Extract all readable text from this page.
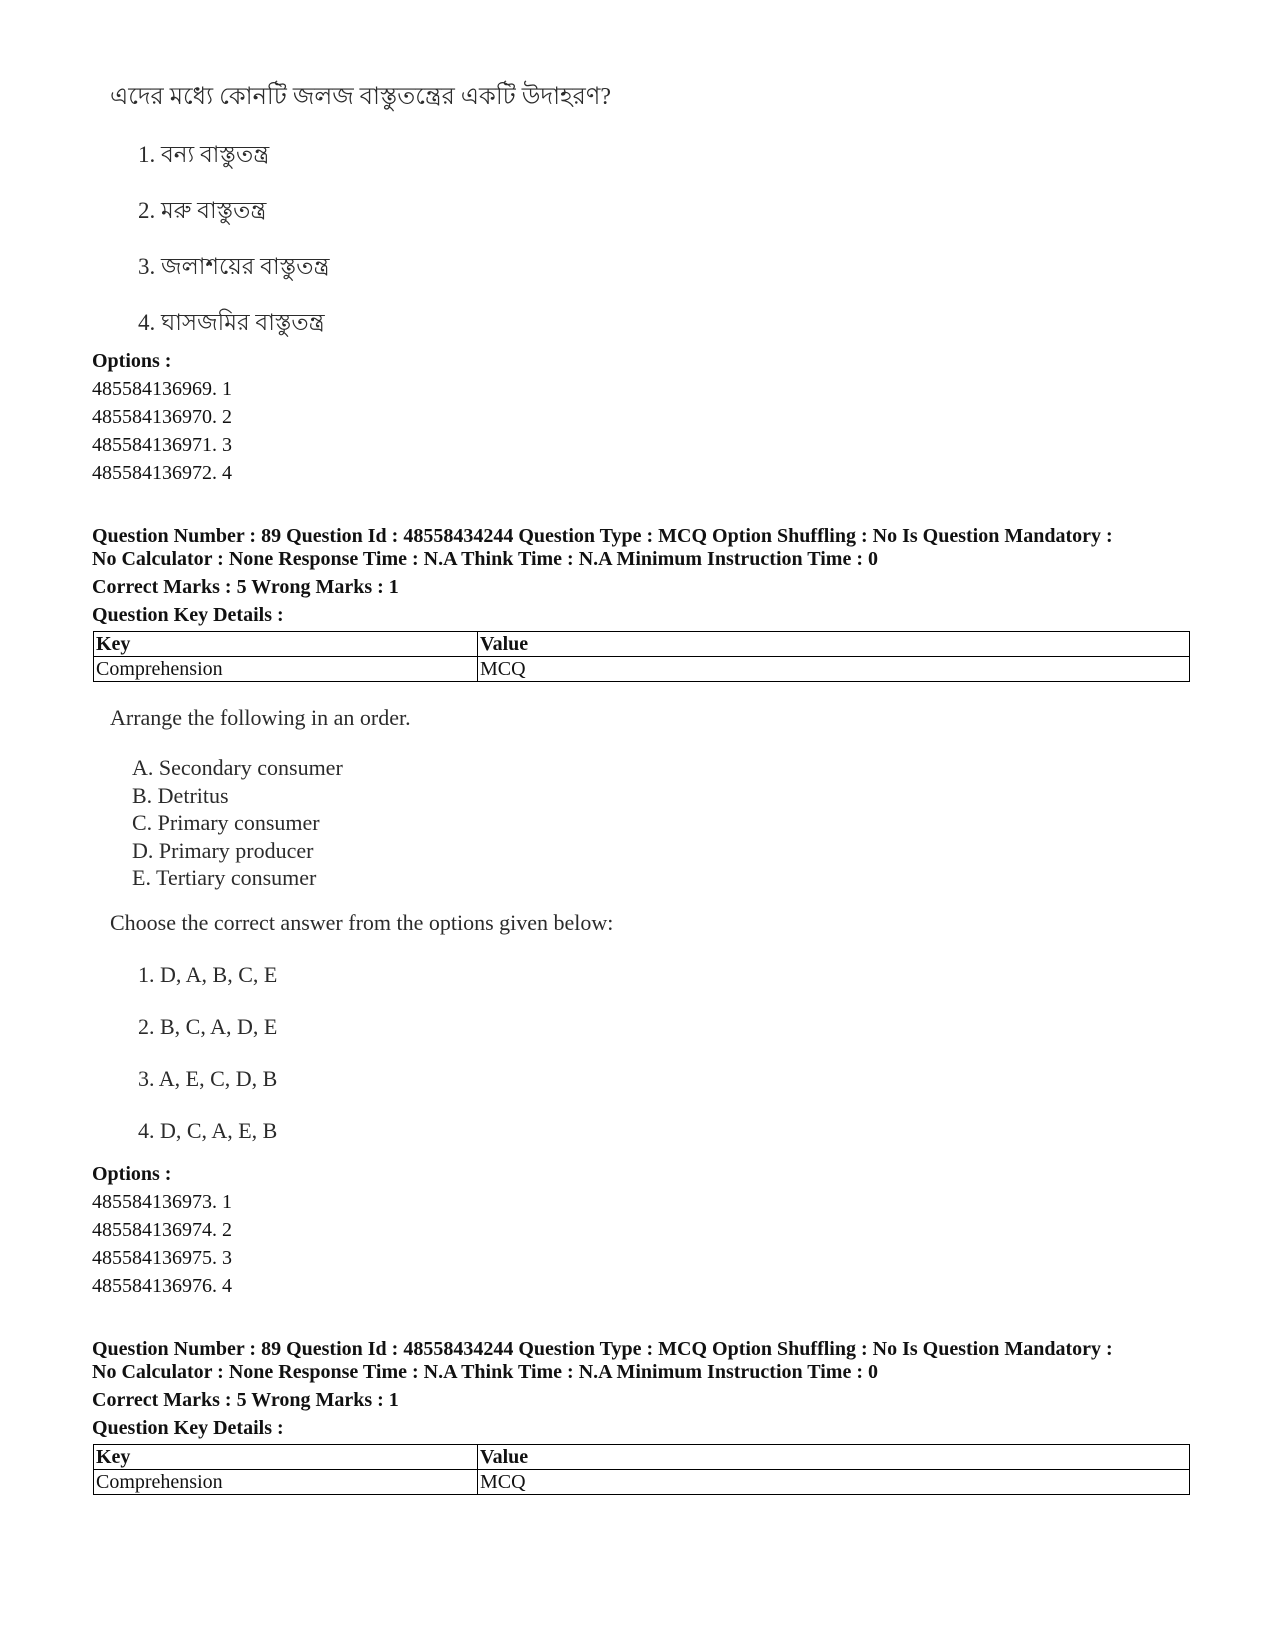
এদের মধ্যে কোনটি জলজ বাস্তুতন্ত্রের একটি উদাহরণ?
1. বন্য বাস্তুতন্ত্র
2. মরু বাস্তুতন্ত্র
3. জলাশয়ের বাস্তুতন্ত্র
4. ঘাসজমির বাস্তুতন্ত্র
Options :
485584136969. 1
485584136970. 2
485584136971. 3
485584136972. 4
Question Number : 89 Question Id : 48558434244 Question Type : MCQ Option Shuffling : No Is Question Mandatory :
No Calculator : None Response Time : N.A Think Time : N.A Minimum Instruction Time : 0
Correct Marks : 5 Wrong Marks : 1
Question Key Details :
Key	Value
Comprehension	MCQ
Arrange the following in an order.
A. Secondary consumer
B. Detritus
C. Primary consumer
D. Primary producer
E. Tertiary consumer
Choose the correct answer from the options given below:
1. D, A, B, C, E
2. B, C, A, D, E
3. A, E, C, D, B
4. D, C, A, E, B
Options :
485584136973. 1
485584136974. 2
485584136975. 3
485584136976. 4
Question Number : 89 Question Id : 48558434244 Question Type : MCQ Option Shuffling : No Is Question Mandatory :
No Calculator : None Response Time : N.A Think Time : N.A Minimum Instruction Time : 0
Correct Marks : 5 Wrong Marks : 1
Question Key Details :
Key	Value
Comprehension	MCQ
